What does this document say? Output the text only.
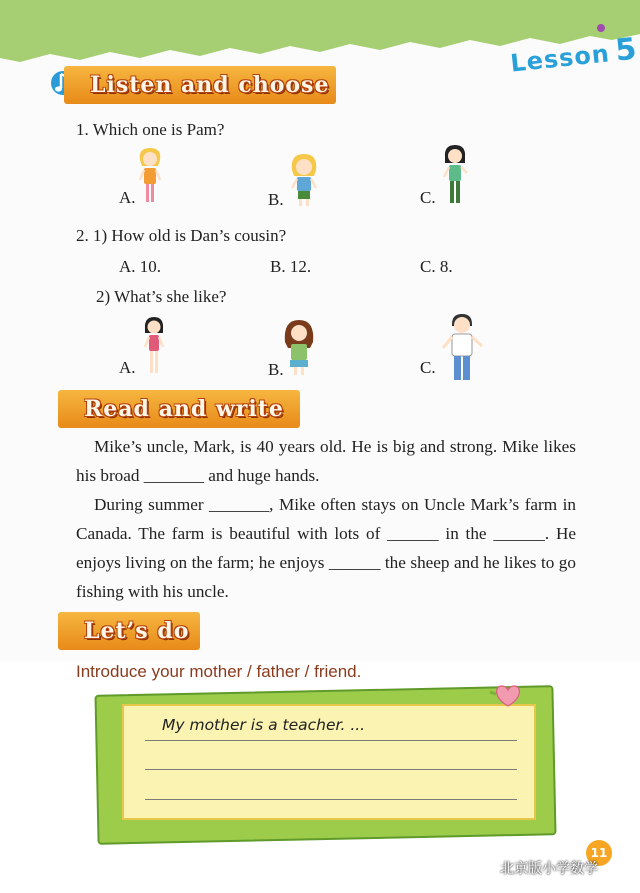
Lesson5
Listen and choose
1. Which one is Pam?
A.	B.	C.
2. 1) How old is Dan’s cousin?
A. 10.	B. 12.	C. 8.
2) What’s she like?
A.	B.	C.
Read and write

Mike’s uncle, Mark, is 40 years old. He is big and strong. Mike likes his broad _______ and huge hands.

During summer _______, Mike often stays on Uncle Mark’s farm in Canada. The farm is beautiful with lots of ______ in the ______. He enjoys living on the farm; he enjoys ______ the sheep and he likes to go fishing with his uncle.

Let’s do
Introduce your mother / father / friend.
My mother is a teacher. ...
11
北京版小学数学
